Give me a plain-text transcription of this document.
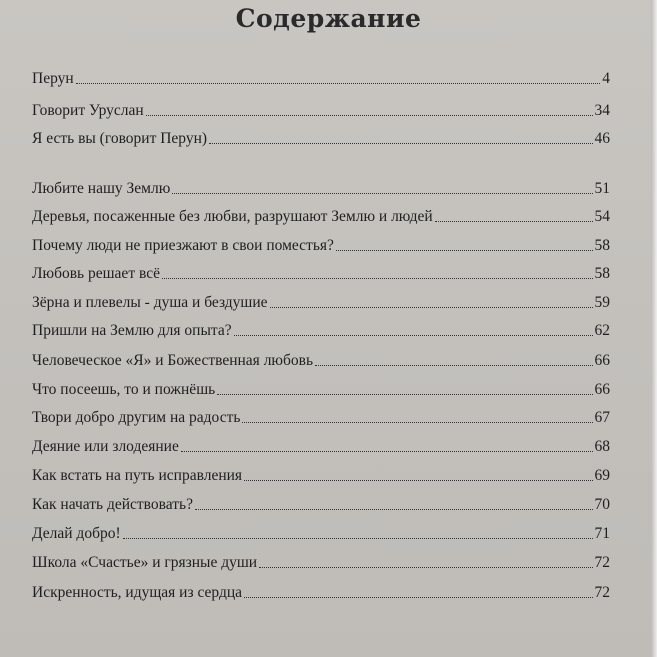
Содержание
Перун	4
Говорит Уруслан	34
Я есть вы (говорит Перун)	46
Любите нашу Землю	51
Деревья, посаженные без любви, разрушают Землю и людей	54
Почему люди не приезжают в свои поместья?	58
Любовь решает всё	58
Зёрна и плевелы - душа и бездушие	59
Пришли на Землю для опыта?	62
Человеческое «Я» и Божественная любовь	66
Что посеешь, то и пожнёшь	66
Твори добро другим на радость	67
Деяние или злодеяние	68
Как встать на путь исправления	69
Как начать действовать?	70
Делай добро!	71
Школа «Счастье» и грязные души	72
Искренность, идущая из сердца	72
